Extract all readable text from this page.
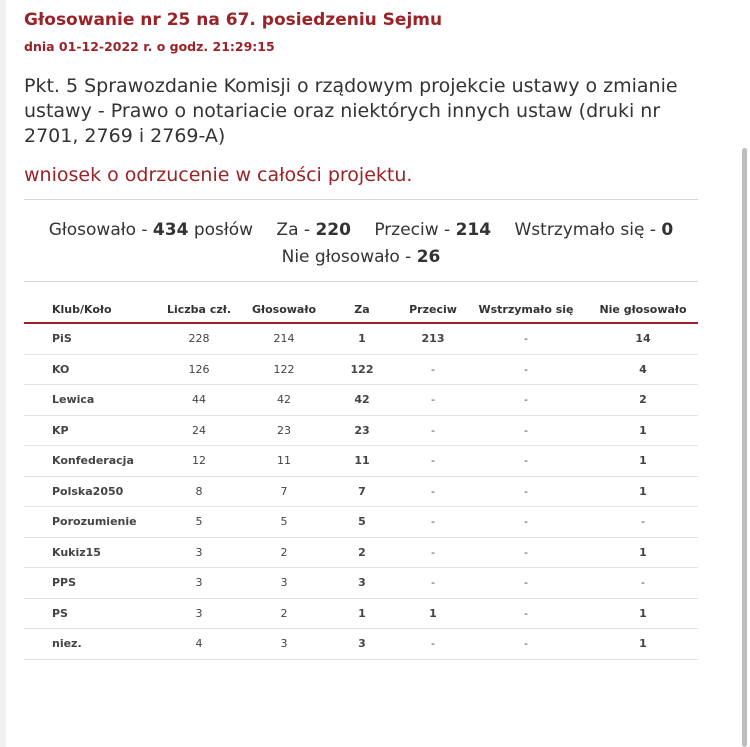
Głosowanie nr 25 na 67. posiedzeniu Sejmu
dnia 01-12-2022 r. o godz. 21:29:15
Pkt. 5 Sprawozdanie Komisji o rządowym projekcie ustawy o zmianie ustawy - Prawo o notariacie oraz niektórych innych ustaw (druki nr 2701, 2769 i 2769-A)
wniosek o odrzucenie w całości projektu.
Głosowało - 434 posłów Za - 220 Przeciw - 214 Wstrzymało się - 0
Nie głosowało - 26
Klub/Koło	Liczba czł.	Głosowało	Za	Przeciw	Wstrzymało się	Nie głosowało
PiS	228	214	1	213	-	14
KO	126	122	122	-	-	4
Lewica	44	42	42	-	-	2
KP	24	23	23	-	-	1
Konfederacja	12	11	11	-	-	1
Polska2050	8	7	7	-	-	1
Porozumienie	5	5	5	-	-	-
Kukiz15	3	2	2	-	-	1
PPS	3	3	3	-	-	-
PS	3	2	1	1	-	1
niez.	4	3	3	-	-	1
